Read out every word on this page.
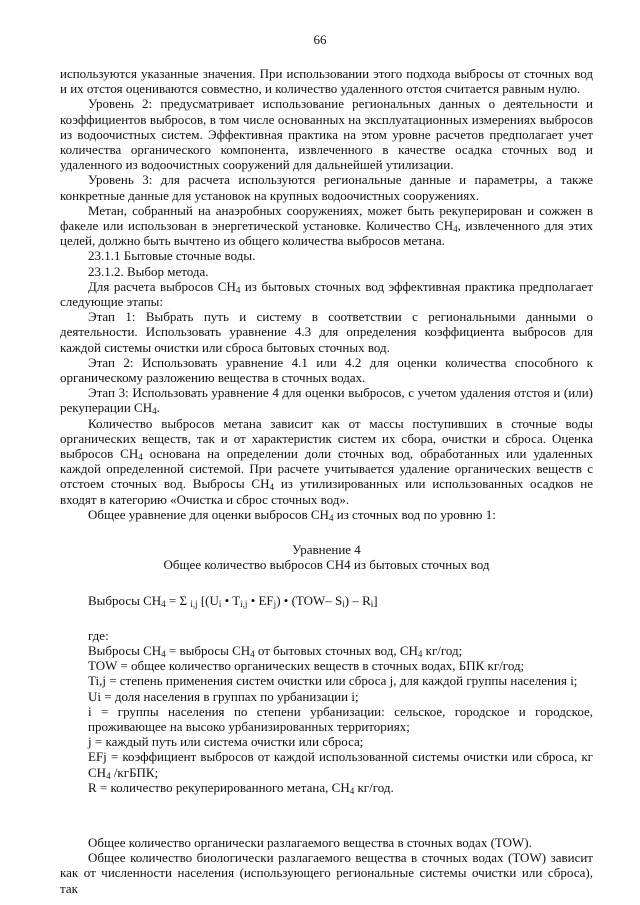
66

используются указанные значения. При использовании этого подхода выбросы от сточных вод и их отстоя оцениваются совместно, и количество удаленного отстоя считается равным нулю.

Уровень 2: предусматривает использование региональных данных о деятельности и коэффициентов выбросов, в том числе основанных на эксплуатационных измерениях выбросов из водоочистных систем. Эффективная практика на этом уровне расчетов предполагает учет количества органического компонента, извлеченного в качестве осадка сточных вод и удаленного из водоочистных сооружений для дальнейшей утилизации.

Уровень 3: для расчета используются региональные данные и параметры, а также конкретные данные для установок на крупных водоочистных сооружениях.

Метан, собранный на анаэробных сооружениях, может быть рекуперирован и сожжен в факеле или использован в энергетической установке. Количество $CH_4$, извлеченного для этих целей, должно быть вычтено из общего количества выбросов метана.

23.1.1 Бытовые сточные воды.

23.1.2. Выбор метода.

Для расчета выбросов $CH_4$ из бытовых сточных вод эффективная практика предполагает следующие этапы:

Этап 1: Выбрать путь и систему в соответствии с региональными данными о деятельности. Использовать уравнение 4.3 для определения коэффициента выбросов для каждой системы очистки или сброса бытовых сточных вод.

Этап 2: Использовать уравнение 4.1 или 4.2 для оценки количества способного к органическому разложению вещества в сточных водах.

Этап 3: Использовать уравнение 4 для оценки выбросов, с учетом удаления отстоя и (или) рекуперации $CH_4$.

Количество выбросов метана зависит как от массы поступивших в сточные воды органических веществ, так и от характеристик систем их сбора, очистки и сброса. Оценка выбросов $CH_4$ основана на определении доли сточных вод, обработанных или удаленных каждой определенной системой. При расчете учитывается удаление органических веществ с отстоем сточных вод. Выбросы $CH_4$ из утилизированных или использованных осадков не входят в категорию «Очистка и сброс сточных вод».

Общее уравнение для оценки выбросов $CH_4$ из сточных вод по уровню 1:

Уравнение 4

Общее количество выбросов CH4 из бытовых сточных вод

Выбросы $CH_4 = \Sigma$ $_{i,j}$ [($U_i$ • $T_{i,j}$ • $EF_j$) • (TOW– $S_i) - R_i$]

где:

Выбросы $CH_4$ = выбросы $CH_4$ от бытовых сточных вод, $CH_4$ кг/год;

TOW = общее количество органических веществ в сточных водах, БПК кг/год;

Ti,j = степень применения систем очистки или сброса j, для каждой группы населения i;

Ui = доля населения в группах по урбанизации i;

i = группы населения по степени урбанизации: сельское, городское и городское, проживающее на высоко урбанизированных территориях;

j = каждый путь или система очистки или сброса;

EFj = коэффициент выбросов от каждой использованной системы очистки или сброса, кг $CH_4$ /кгБПК;

R = количество рекуперированного метана, $CH_4$ кг/год.

Общее количество органически разлагаемого вещества в сточных водах (TOW).

Общее количество биологически разлагаемого вещества в сточных водах (TOW) зависит как от численности населения (использующего региональные системы очистки или сброса), так
